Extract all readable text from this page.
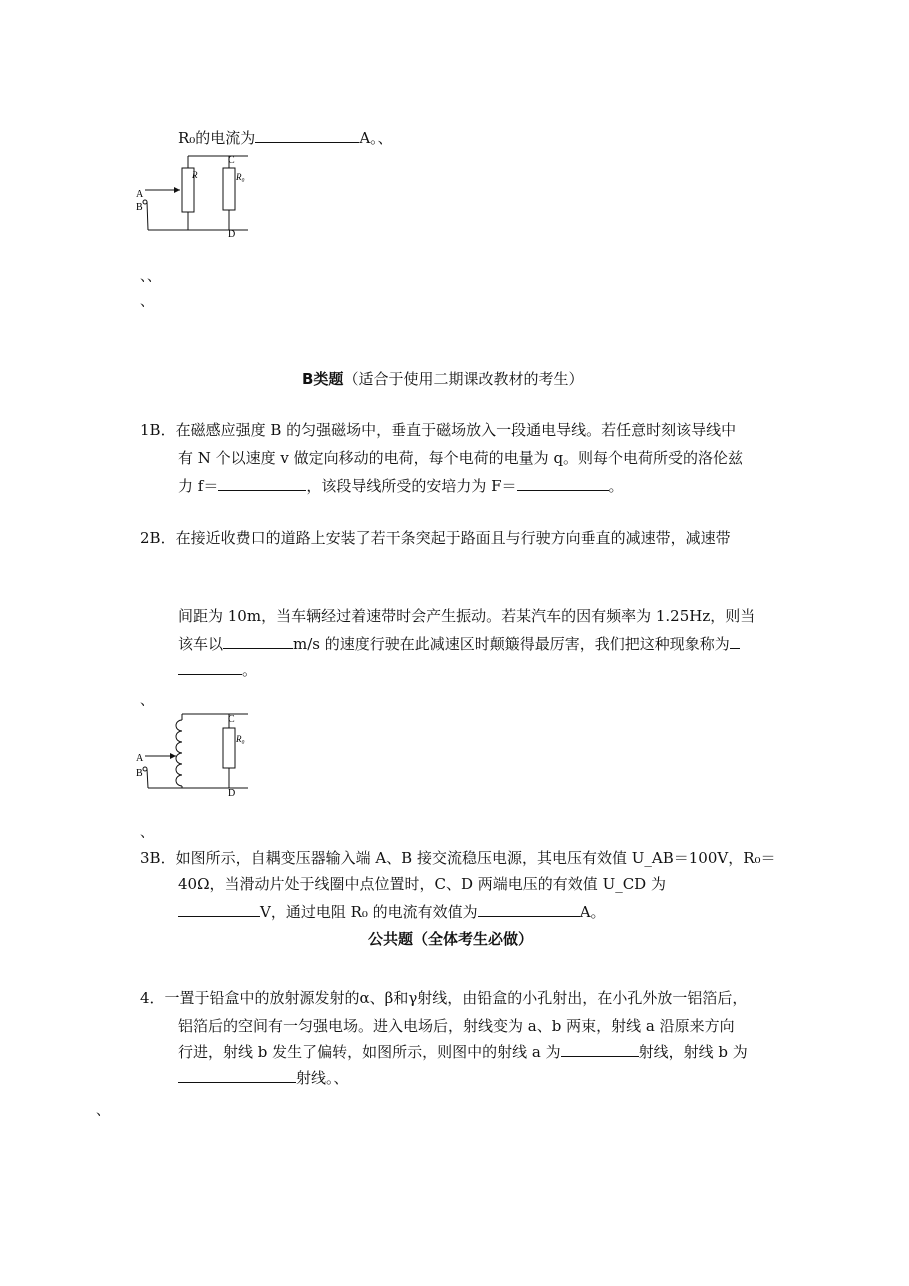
R₀的电流为	A。、
A
B
C
D
R	R₀
、、
、
B类题（适合于使用二期课改教材的考生）
1B．在磁感应强度 B 的匀强磁场中，垂直于磁场放入一段通电导线。若任意时刻该导线中
有 N 个以速度 v 做定向移动的电荷，每个电荷的电量为 q。则每个电荷所受的洛伦兹
力 f＝	，该段导线所受的安培力为 F＝	。
2B．在接近收费口的道路上安装了若干条突起于路面且与行驶方向垂直的减速带，减速带
间距为 10m，当车辆经过着速带时会产生振动。若某汽车的因有频率为 1.25Hz，则当
该车以	m/s 的速度行驶在此减速区时颠簸得最厉害，我们把这种现象称为
。
、
A
B
C
D
R₀
、
3B．如图所示，自耦变压器输入端 A、B 接交流稳压电源，其电压有效值 U_AB＝100V，R₀＝
40Ω，当滑动片处于线圈中点位置时，C、D 两端电压的有效值 U_CD 为
V，通过电阻 R₀ 的电流有效值为	A。
公共题（全体考生必做）
4．一置于铅盒中的放射源发射的α、β和γ射线，由铅盒的小孔射出，在小孔外放一铝箔后，
铝箔后的空间有一匀强电场。进入电场后，射线变为 a、b 两束，射线 a 沿原来方向
行进，射线 b 发生了偏转，如图所示，则图中的射线 a 为	射线，射线 b 为
射线。、
、
